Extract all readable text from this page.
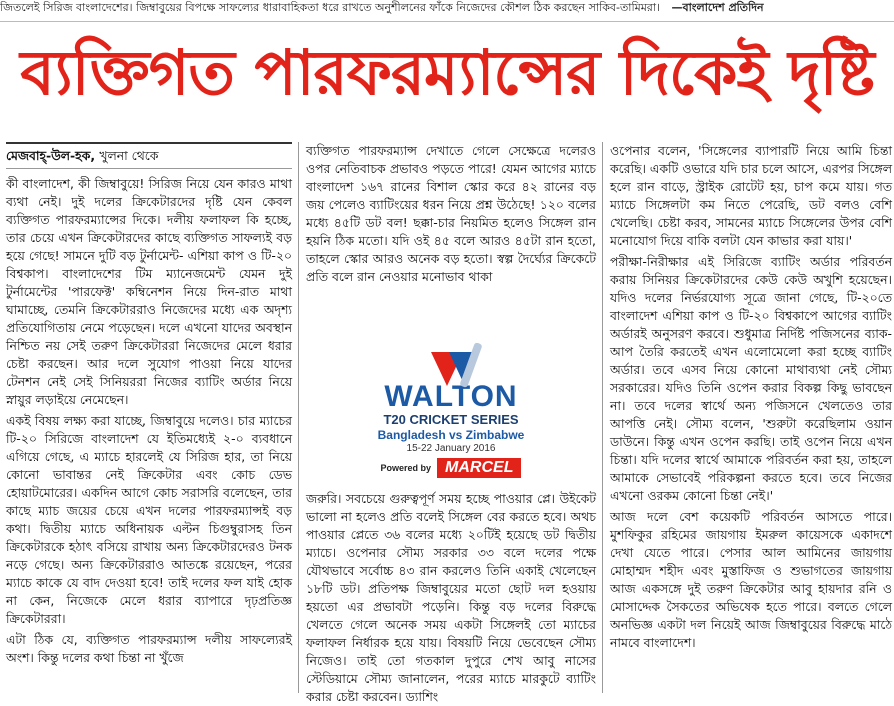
জিতলেই সিরিজ বাংলাদেশের। জিম্বাবুয়ের বিপক্ষে সাফল্যের ধারাবাহিকতা ধরে রাখতে অনুশীলনের ফাঁকে নিজেদের কৌশল ঠিক করছেন সাকিব-তামিমরা। —বাংলাদেশ প্রতিদিন
ব্যক্তিগত পারফরম্যান্সের দিকেই দৃষ্টি
মেজবাহ্-উল-হক, খুলনা থেকে

কী বাংলাদেশ, কী জিম্বাবুয়ে! সিরিজ নিয়ে যেন কারও মাথা ব্যথা নেই। দুই দলের ক্রিকেটারদের দৃষ্টি যেন কেবল ব্যক্তিগত পারফরম্যান্সের দিকে। দলীয় ফলাফল কি হচ্ছে, তার চেয়ে এখন ক্রিকেটারদের কাছে ব্যক্তিগত সাফল্যই বড় হয়ে গেছে! সামনে দুটি বড় টুর্নামেন্ট- এশিয়া কাপ ও টি-২০ বিশ্বকাপ। বাংলাদেশের টিম ম্যানেজমেন্ট যেমন দুই টুর্নামেন্টের 'পারফেক্ট' কম্বিনেশন নিয়ে দিন-রাত মাথা ঘামাচ্ছে, তেমনি ক্রিকেটাররাও নিজেদের মধ্যে এক অদৃশ্য প্রতিযোগিতায় নেমে পড়েছেন। দলে এখনো যাদের অবস্থান নিশ্চিত নয় সেই তরুণ ক্রিকেটাররা নিজেদের মেলে ধরার চেষ্টা করছেন। আর দলে সুযোগ পাওয়া নিয়ে যাদের টেনশন নেই সেই সিনিয়ররা নিজের ব্যাটিং অর্ডার নিয়ে স্নায়ুর লড়াইয়ে নেমেছেন।

একই বিষয় লক্ষ্য করা যাচ্ছে, জিম্বাবুয়ে দলেও। চার ম্যাচের টি-২০ সিরিজে বাংলাদেশ যে ইতিমধ্যেই ২-০ ব্যবধানে এগিয়ে গেছে, এ ম্যাচে হারলেই যে সিরিজ হার, তা নিয়ে কোনো ভাবান্তর নেই ক্রিকেটার এবং কোচ ডেভ হোয়াটমোরের। একদিন আগে কোচ সরাসরি বলেছেন, তার কাছে ম্যাচ জয়ের চেয়ে এখন দলের পারফরম্যান্সই বড় কথা। দ্বিতীয় ম্যাচে অধিনায়ক এল্টন চিগুম্বুরাসহ তিন ক্রিকেটারকে হঠাৎ বসিয়ে রাখায় অন্য ক্রিকেটারদেরও টনক নড়ে গেছে। অন্য ক্রিকেটাররাও আতঙ্কে রয়েছেন, পরের ম্যাচে কাকে যে বাদ দেওয়া হবে! তাই দলের ফল যাই হোক না কেন, নিজেকে মেলে ধরার ব্যাপারে দৃঢ়প্রতিজ্ঞ ক্রিকেটাররা।

এটা ঠিক যে, ব্যক্তিগত পারফরম্যান্স দলীয় সাফল্যেরই অংশ। কিন্তু দলের কথা চিন্তা না খুঁজে

ব্যক্তিগত পারফরম্যান্স দেখাতে গেলে সেক্ষেত্রে দলেরও ওপর নেতিবাচক প্রভাবও পড়তে পারে! যেমন আগের ম্যাচে বাংলাদেশ ১৬৭ রানের বিশাল স্কোর করে ৪২ রানের বড় জয় পেলেও ব্যাটিংয়ের ধরন নিয়ে প্রশ্ন উঠেছে! ১২০ বলের মধ্যে ৪৫টি ডট বল! ছক্কা-চার নিয়মিত হলেও সিঙ্গেল রান হয়নি ঠিক মতো। যদি ওই ৪৫ বলে আরও ৪৫টা রান হতো, তাহলে স্কোর আরও অনেক বড় হতো। স্বল্প দৈর্ঘ্যের ক্রিকেটে প্রতি বলে রান নেওয়ার মনোভাব থাকা

WALTON
T20 CRICKET SERIES
Bangladesh vs Zimbabwe
15-22 January 2016
Powered by MARCEL

জরুরি। সবচেয়ে গুরুত্বপূর্ণ সময় হচ্ছে পাওয়ার প্লে। উইকেট ভালো না হলেও প্রতি বলেই সিঙ্গেল বের করতে হবে। অথচ পাওয়ার প্লেতে ৩৬ বলের মধ্যে ২০টিই হয়েছে ডট দ্বিতীয় ম্যাচে। ওপেনার সৌম্য সরকার ৩৩ বলে দলের পক্ষে যৌথভাবে সর্বোচ্চ ৪৩ রান করলেও তিনি একাই খেলেছেন ১৮টি ডট। প্রতিপক্ষ জিম্বাবুয়ের মতো ছোট দল হওয়ায় হয়তো এর প্রভাবটা পড়েনি। কিন্তু বড় দলের বিরুদ্ধে খেলতে গেলে অনেক সময় একটা সিঙ্গেলই তো ম্যাচের ফলাফল নির্ধারক হয়ে যায়। বিষয়টি নিয়ে ভেবেছেন সৌম্য নিজেও। তাই তো গতকাল দুপুরে শেখ আবু নাসের স্টেডিয়ামে সৌম্য জানালেন, পরের ম্যাচে মারকুটে ব্যাটিং করার চেষ্টা করবেন। ড্যাশিং

ওপেনার বলেন, 'সিঙ্গেলের ব্যাপারটি নিয়ে আমি চিন্তা করেছি। একটি ওভারে যদি চার চলে আসে, এরপর সিঙ্গেল হলে রান বাড়ে, স্ট্রাইক রোটেট হয়, চাপ কমে যায়। গত ম্যাচে সিঙ্গেলটা কম নিতে পেরেছি, ডট বলও বেশি খেলেছি। চেষ্টা করব, সামনের ম্যাচে সিঙ্গেলের উপর বেশি মনোযোগ দিয়ে বাকি বলটা যেন কাভার করা যায়।'

পরীক্ষা-নিরীক্ষার এই সিরিজে ব্যাটিং অর্ডার পরিবর্তন করায় সিনিয়র ক্রিকেটারদের কেউ কেউ অখুশি হয়েছেন। যদিও দলের নির্ভরযোগ্য সূত্রে জানা গেছে, টি-২০তে বাংলাদেশ এশিয়া কাপ ও টি-২০ বিশ্বকাপে আগের ব্যাটিং অর্ডারই অনুসরণ করবে। শুধুমাত্র নির্দিষ্ট পজিসনের ব্যাক-আপ তৈরি করতেই এখন এলোমেলো করা হচ্ছে ব্যাটিং অর্ডার। তবে এসব নিয়ে কোনো মাথাব্যথা নেই সৌম্য সরকারের। যদিও তিনি ওপেন করার বিকল্প কিছু ভাবছেন না। তবে দলের স্বার্থে অন্য পজিসনে খেলতেও তার আপত্তি নেই। সৌম্য বলেন, 'শুরুটা করেছিলাম ওয়ান ডাউনে। কিন্তু এখন ওপেন করছি। তাই ওপেন নিয়ে এখন চিন্তা। যদি দলের স্বার্থে আমাকে পরিবর্তন করা হয়, তাহলে আমাকে সেভাবেই পরিকল্পনা করতে হবে। তবে নিজের এখনো ওরকম কোনো চিন্তা নেই।'

আজ দলে বেশ কয়েকটি পরিবর্তন আসতে পারে। মুশফিকুর রহিমের জায়গায় ইমরুল কায়েসকে একাদশে দেখা যেতে পারে। পেসার আল আমিনের জায়গায় মোহাম্মদ শহীদ এবং মুস্তাফিজ ও শুভাগতের জায়গায় আজ একসঙ্গে দুই তরুণ ক্রিকেটার আবু হায়দার রনি ও মোসাদ্দেক সৈকতের অভিষেক হতে পারে। বলতে গেলে অনভিজ্ঞ একটা দল নিয়েই আজ জিম্বাবুয়ের বিরুদ্ধে মাঠে নামবে বাংলাদেশ।
